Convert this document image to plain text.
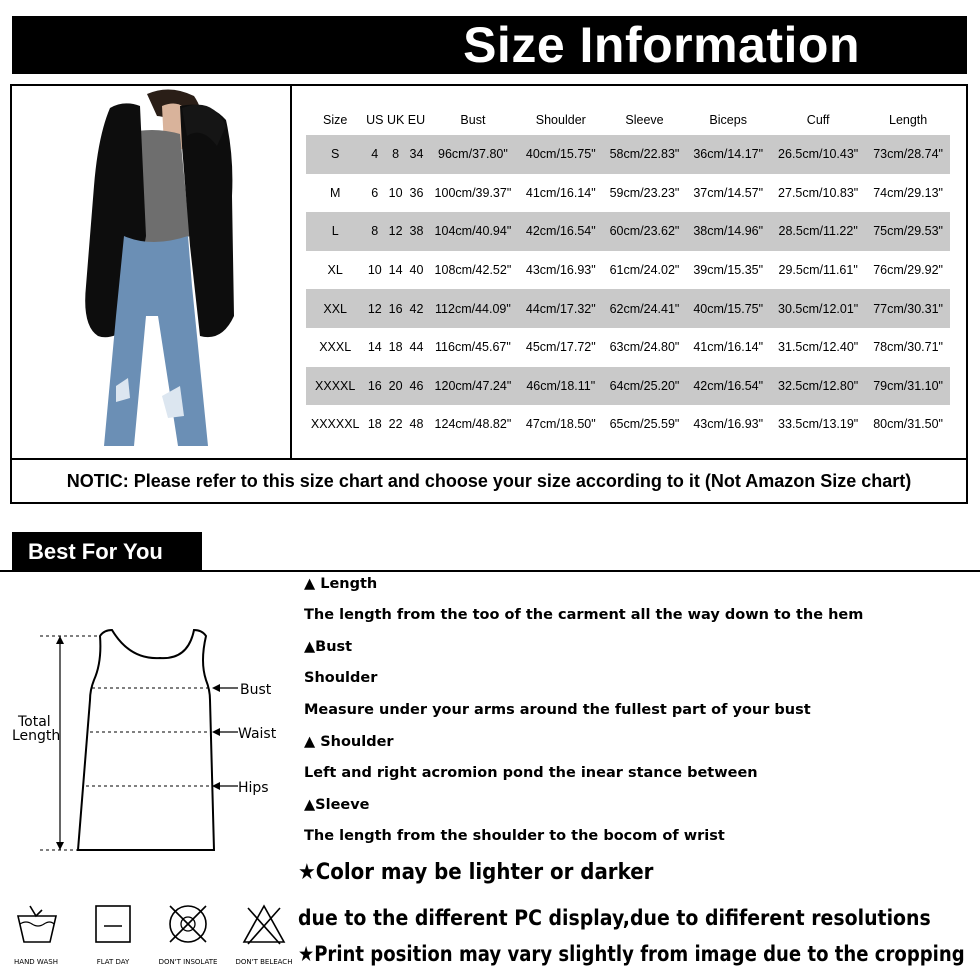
Size Information
Size	US	UK	EU	Bust	Shoulder	Sleeve	Biceps	Cuff	Length
S	4	8	34	96cm/37.80"	40cm/15.75"	58cm/22.83"	36cm/14.17"	26.5cm/10.43"	73cm/28.74"
M	6	10	36	100cm/39.37"	41cm/16.14"	59cm/23.23"	37cm/14.57"	27.5cm/10.83"	74cm/29.13"
L	8	12	38	104cm/40.94"	42cm/16.54"	60cm/23.62"	38cm/14.96"	28.5cm/11.22"	75cm/29.53"
XL	10	14	40	108cm/42.52"	43cm/16.93"	61cm/24.02"	39cm/15.35"	29.5cm/11.61"	76cm/29.92"
XXL	12	16	42	112cm/44.09"	44cm/17.32"	62cm/24.41"	40cm/15.75"	30.5cm/12.01"	77cm/30.31"
XXXL	14	18	44	116cm/45.67"	45cm/17.72"	63cm/24.80"	41cm/16.14"	31.5cm/12.40"	78cm/30.71"
XXXXL	16	20	46	120cm/47.24"	46cm/18.11"	64cm/25.20"	42cm/16.54"	32.5cm/12.80"	79cm/31.10"
XXXXXL	18	22	48	124cm/48.82"	47cm/18.50"	65cm/25.59"	43cm/16.93"	33.5cm/13.19"	80cm/31.50"
NOTIC: Please refer to this size chart and choose your size according to it (Not Amazon Size chart)
Best For You
Total
Length
Bust
Waist
Hips
HAND WASH	FLAT DAY	DON'T INSOLATE	DON'T BELEACH
▲ Length
The length from the too of the carment all the way down to the hem
▲Bust
Shoulder
Measure under your arms around the fullest part of your bust
▲ Shoulder
Left and right acromion pond the inear stance between
▲Sleeve
The length from the shoulder to the bocom of wrist
★Color may be lighter or darker
due to the different PC display,due to dififerent resolutions
★Print position may vary slightly from image due to the cropping
